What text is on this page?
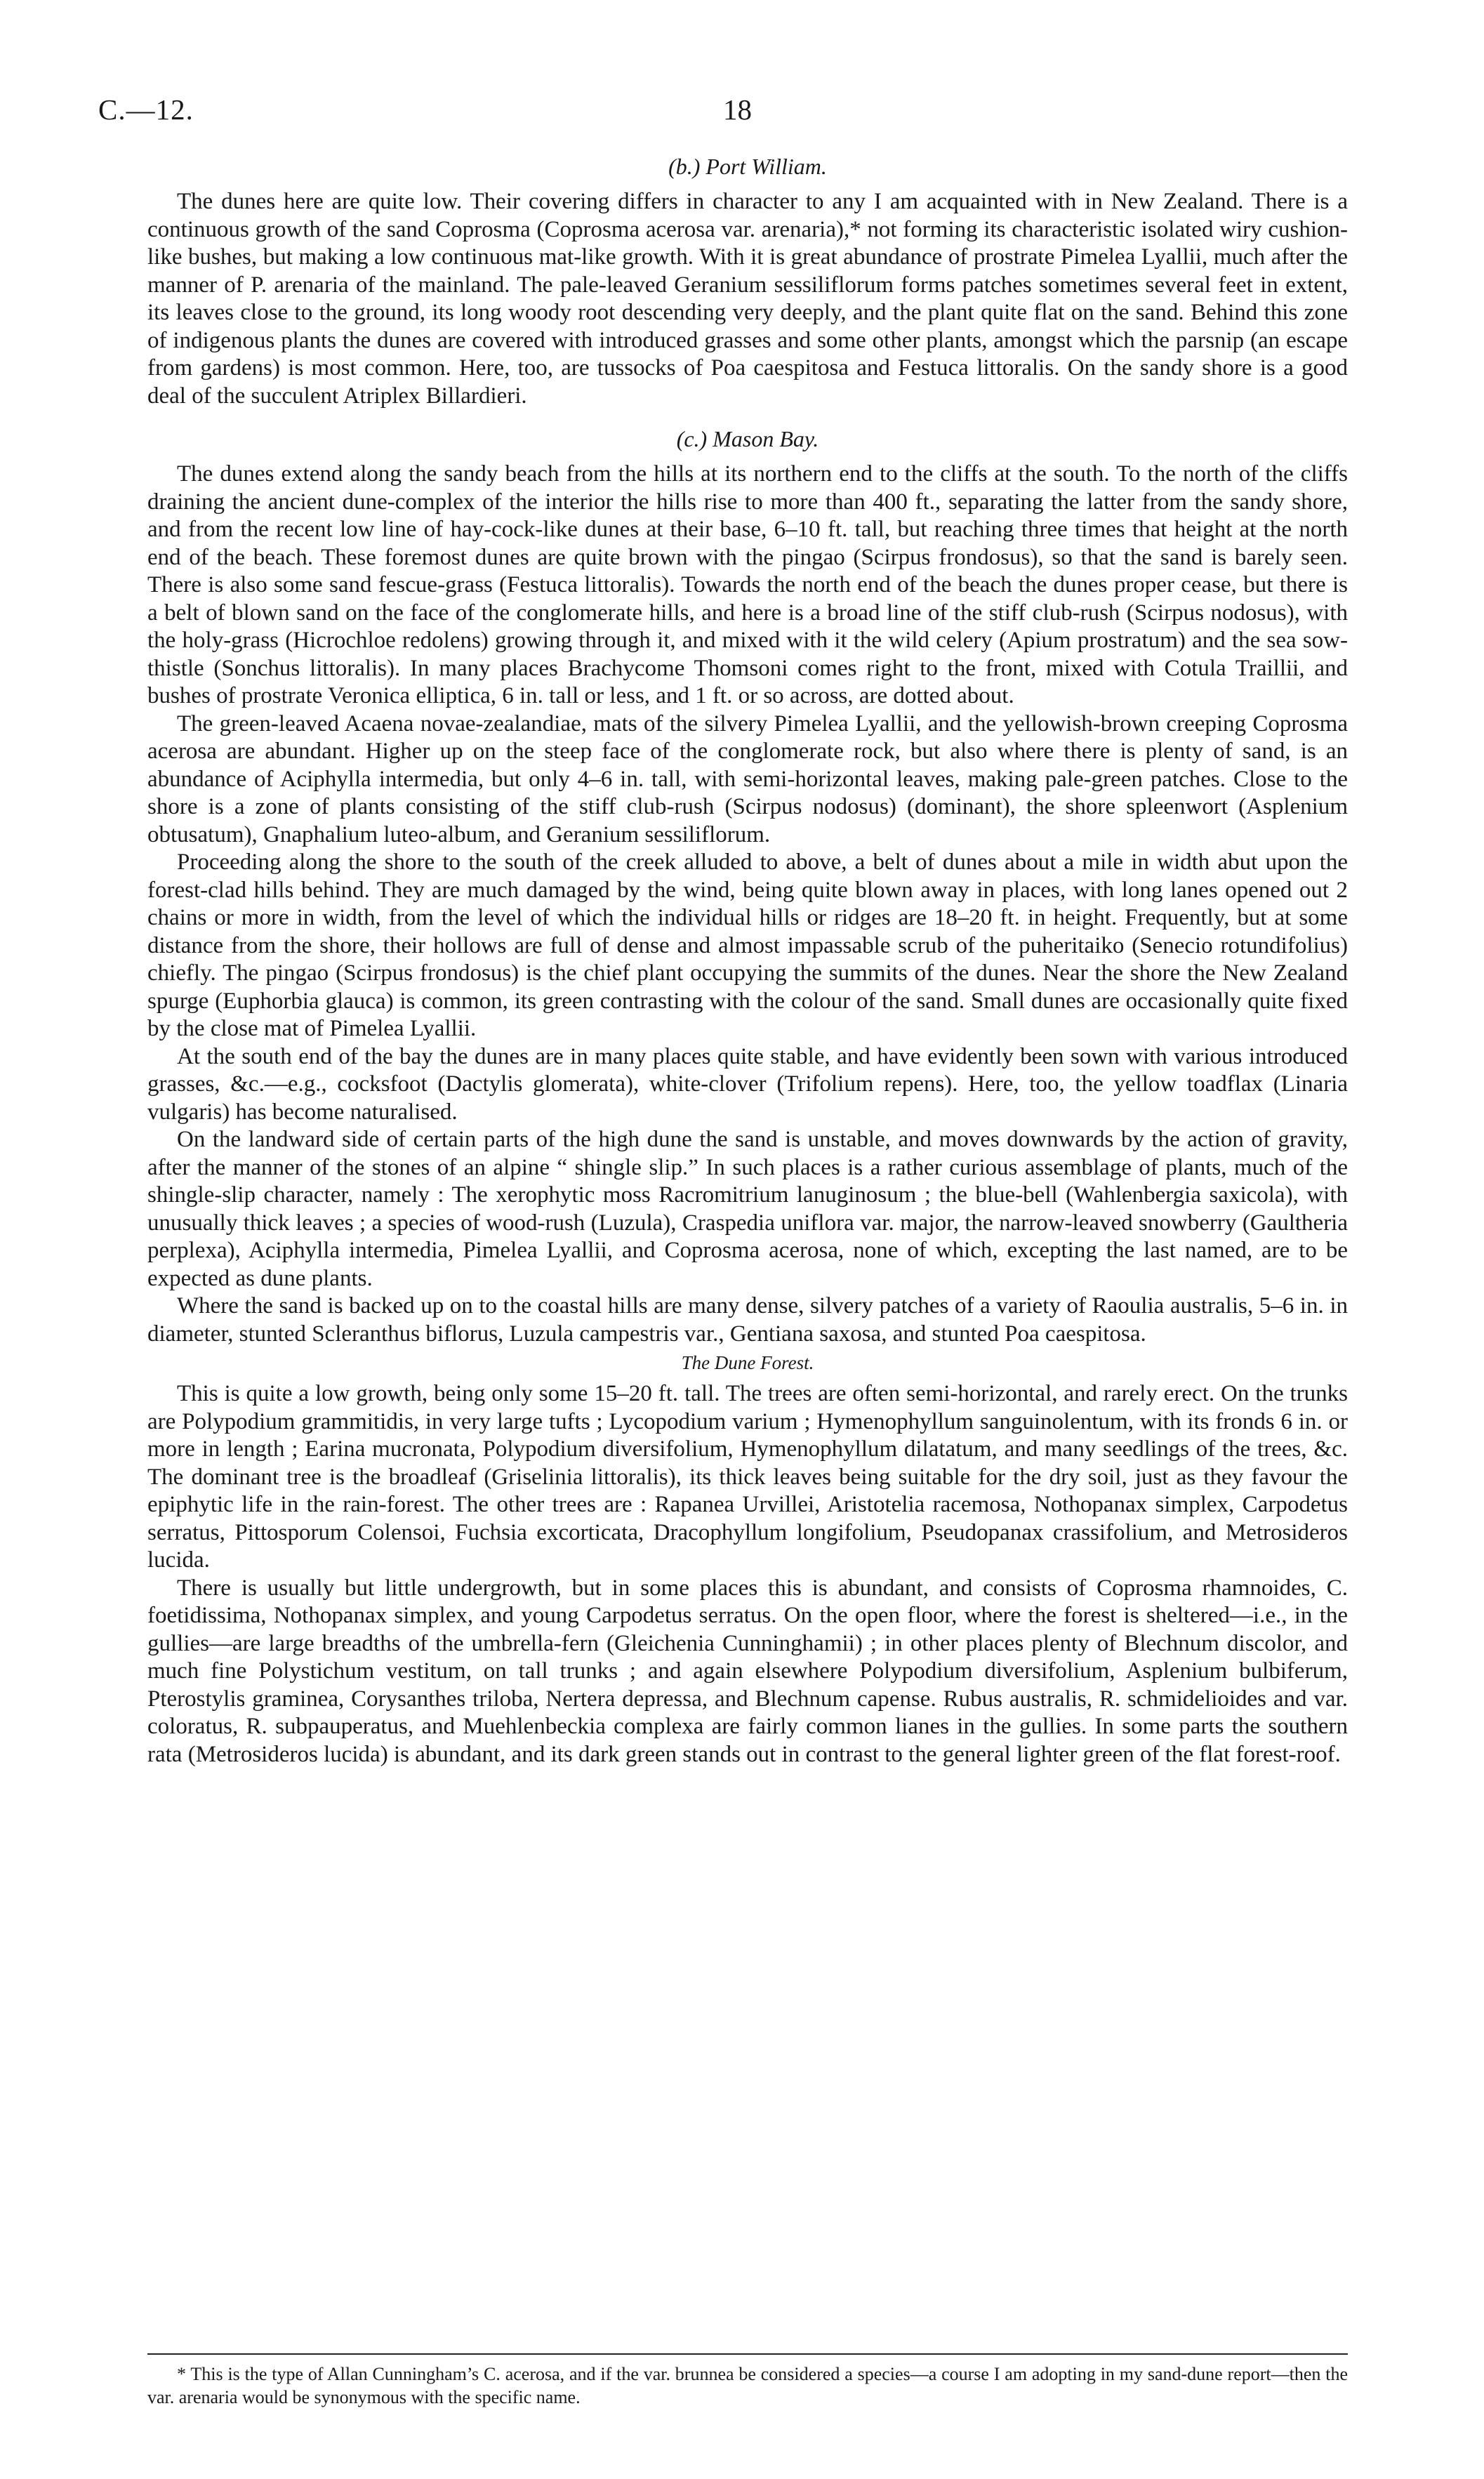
C.—12.	18
(b.) Port William.

The dunes here are quite low. Their covering differs in character to any I am acquainted with in New Zealand. There is a continuous growth of the sand Coprosma (Coprosma acerosa var. arenaria),* not forming its characteristic isolated wiry cushion-like bushes, but making a low continuous mat-like growth. With it is great abundance of prostrate Pimelea Lyallii, much after the manner of P. arenaria of the mainland. The pale-leaved Geranium sessiliflorum forms patches sometimes several feet in extent, its leaves close to the ground, its long woody root descending very deeply, and the plant quite flat on the sand. Behind this zone of indigenous plants the dunes are covered with introduced grasses and some other plants, amongst which the parsnip (an escape from gardens) is most common. Here, too, are tussocks of Poa caespitosa and Festuca littoralis. On the sandy shore is a good deal of the succulent Atriplex Billardieri.

(c.) Mason Bay.

The dunes extend along the sandy beach from the hills at its northern end to the cliffs at the south. To the north of the cliffs draining the ancient dune-complex of the interior the hills rise to more than 400 ft., separating the latter from the sandy shore, and from the recent low line of hay-cock-like dunes at their base, 6–10 ft. tall, but reaching three times that height at the north end of the beach. These foremost dunes are quite brown with the pingao (Scirpus frondosus), so that the sand is barely seen. There is also some sand fescue-grass (Festuca littoralis). Towards the north end of the beach the dunes proper cease, but there is a belt of blown sand on the face of the conglomerate hills, and here is a broad line of the stiff club-rush (Scirpus nodosus), with the holy-grass (Hicrochloe redolens) growing through it, and mixed with it the wild celery (Apium prostratum) and the sea sow-thistle (Sonchus littoralis). In many places Brachycome Thomsoni comes right to the front, mixed with Cotula Traillii, and bushes of prostrate Veronica elliptica, 6 in. tall or less, and 1 ft. or so across, are dotted about.

The green-leaved Acaena novae-zealandiae, mats of the silvery Pimelea Lyallii, and the yellowish-brown creeping Coprosma acerosa are abundant. Higher up on the steep face of the conglomerate rock, but also where there is plenty of sand, is an abundance of Aciphylla intermedia, but only 4–6 in. tall, with semi-horizontal leaves, making pale-green patches. Close to the shore is a zone of plants consisting of the stiff club-rush (Scirpus nodosus) (dominant), the shore spleenwort (Asplenium obtusatum), Gnaphalium luteo-album, and Geranium sessiliflorum.

Proceeding along the shore to the south of the creek alluded to above, a belt of dunes about a mile in width abut upon the forest-clad hills behind. They are much damaged by the wind, being quite blown away in places, with long lanes opened out 2 chains or more in width, from the level of which the individual hills or ridges are 18–20 ft. in height. Frequently, but at some distance from the shore, their hollows are full of dense and almost impassable scrub of the puheritaiko (Senecio rotundifolius) chiefly. The pingao (Scirpus frondosus) is the chief plant occupying the summits of the dunes. Near the shore the New Zealand spurge (Euphorbia glauca) is common, its green contrasting with the colour of the sand. Small dunes are occasionally quite fixed by the close mat of Pimelea Lyallii.

At the south end of the bay the dunes are in many places quite stable, and have evidently been sown with various introduced grasses, &c.—e.g., cocksfoot (Dactylis glomerata), white-clover (Trifolium repens). Here, too, the yellow toadflax (Linaria vulgaris) has become naturalised.

On the landward side of certain parts of the high dune the sand is unstable, and moves downwards by the action of gravity, after the manner of the stones of an alpine “ shingle slip.” In such places is a rather curious assemblage of plants, much of the shingle-slip character, namely : The xerophytic moss Racromitrium lanuginosum ; the blue-bell (Wahlenbergia saxicola), with unusually thick leaves ; a species of wood-rush (Luzula), Craspedia uniflora var. major, the narrow-leaved snowberry (Gaultheria perplexa), Aciphylla intermedia, Pimelea Lyallii, and Coprosma acerosa, none of which, excepting the last named, are to be expected as dune plants.

Where the sand is backed up on to the coastal hills are many dense, silvery patches of a variety of Raoulia australis, 5–6 in. in diameter, stunted Scleranthus biflorus, Luzula campestris var., Gentiana saxosa, and stunted Poa caespitosa.

The Dune Forest.

This is quite a low growth, being only some 15–20 ft. tall. The trees are often semi-horizontal, and rarely erect. On the trunks are Polypodium grammitidis, in very large tufts ; Lycopodium varium ; Hymenophyllum sanguinolentum, with its fronds 6 in. or more in length ; Earina mucronata, Polypodium diversifolium, Hymenophyllum dilatatum, and many seedlings of the trees, &c. The dominant tree is the broadleaf (Griselinia littoralis), its thick leaves being suitable for the dry soil, just as they favour the epiphytic life in the rain-forest. The other trees are : Rapanea Urvillei, Aristotelia racemosa, Nothopanax simplex, Carpodetus serratus, Pittosporum Colensoi, Fuchsia excorticata, Dracophyllum longifolium, Pseudopanax crassifolium, and Metrosideros lucida.

There is usually but little undergrowth, but in some places this is abundant, and consists of Coprosma rhamnoides, C. foetidissima, Nothopanax simplex, and young Carpodetus serratus. On the open floor, where the forest is sheltered—i.e., in the gullies—are large breadths of the umbrella-fern (Gleichenia Cunninghamii) ; in other places plenty of Blechnum discolor, and much fine Polystichum vestitum, on tall trunks ; and again elsewhere Polypodium diversifolium, Asplenium bulbiferum, Pterostylis graminea, Corysanthes triloba, Nertera depressa, and Blechnum capense. Rubus australis, R. schmidelioides and var. coloratus, R. subpauperatus, and Muehlenbeckia complexa are fairly common lianes in the gullies. In some parts the southern rata (Metrosideros lucida) is abundant, and its dark green stands out in contrast to the general lighter green of the flat forest-roof.

* This is the type of Allan Cunningham’s C. acerosa, and if the var. brunnea be considered a species—a course I am adopting in my sand-dune report—then the var. arenaria would be synonymous with the specific name.
